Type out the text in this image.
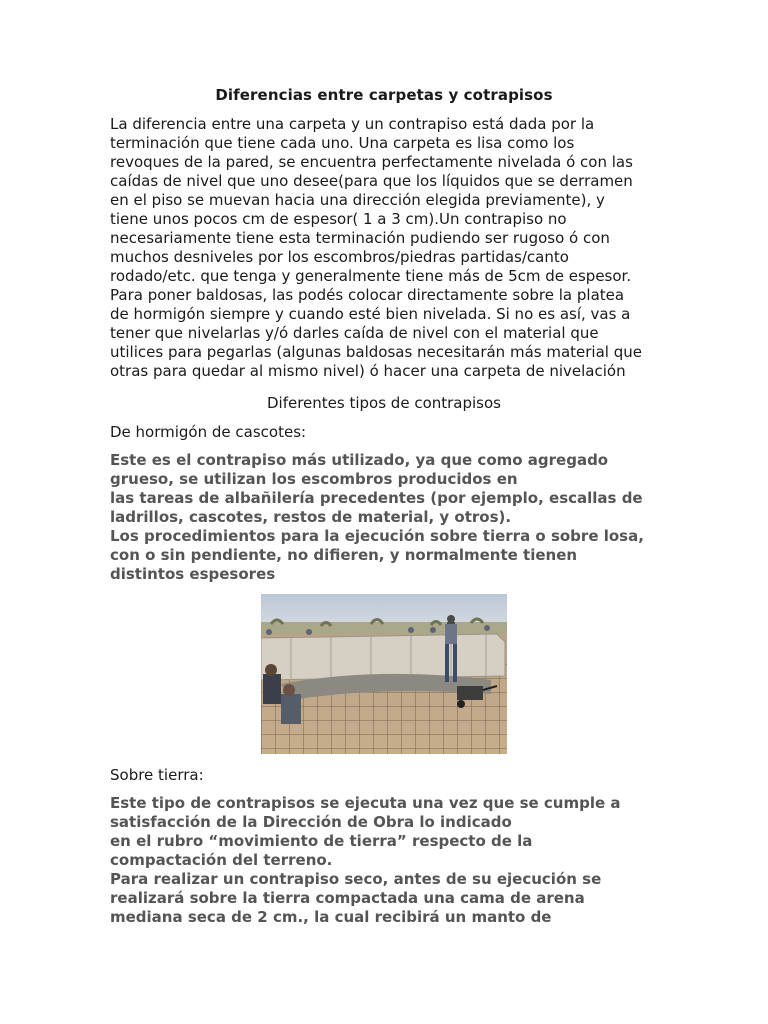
Diferencias entre carpetas y cotrapisos
La diferencia entre una carpeta y un contrapiso está dada por la
terminación que tiene cada uno. Una carpeta es lisa como los
revoques de la pared, se encuentra perfectamente nivelada ó con las
caídas de nivel que uno desee(para que los líquidos que se derramen
en el piso se muevan hacia una dirección elegida previamente), y
tiene unos pocos cm de espesor( 1 a 3 cm).Un contrapiso no
necesariamente tiene esta terminación pudiendo ser rugoso ó con
muchos desniveles por los escombros/piedras partidas/canto
rodado/etc. que tenga y generalmente tiene más de 5cm de espesor.
Para poner baldosas, las podés colocar directamente sobre la platea
de hormigón siempre y cuando esté bien nivelada. Si no es así, vas a
tener que nivelarlas y/ó darles caída de nivel con el material que
utilices para pegarlas (algunas baldosas necesitarán más material que
otras para quedar al mismo nivel) ó hacer una carpeta de nivelación
Diferentes tipos de contrapisos
De hormigón de cascotes:
Este es el contrapiso más utilizado, ya que como agregado
grueso, se utilizan los escombros producidos en
las tareas de albañilería precedentes (por ejemplo, escallas de
ladrillos, cascotes, restos de material, y otros).
Los procedimientos para la ejecución sobre tierra o sobre losa,
con o sin pendiente, no difieren, y normalmente tienen
distintos espesores
Sobre tierra:
Este tipo de contrapisos se ejecuta una vez que se cumple a
satisfacción de la Dirección de Obra lo indicado
en el rubro “movimiento de tierra” respecto de la
compactación del terreno.
Para realizar un contrapiso seco, antes de su ejecución se
realizará sobre la tierra compactada una cama de arena
mediana seca de 2 cm., la cual recibirá un manto de
